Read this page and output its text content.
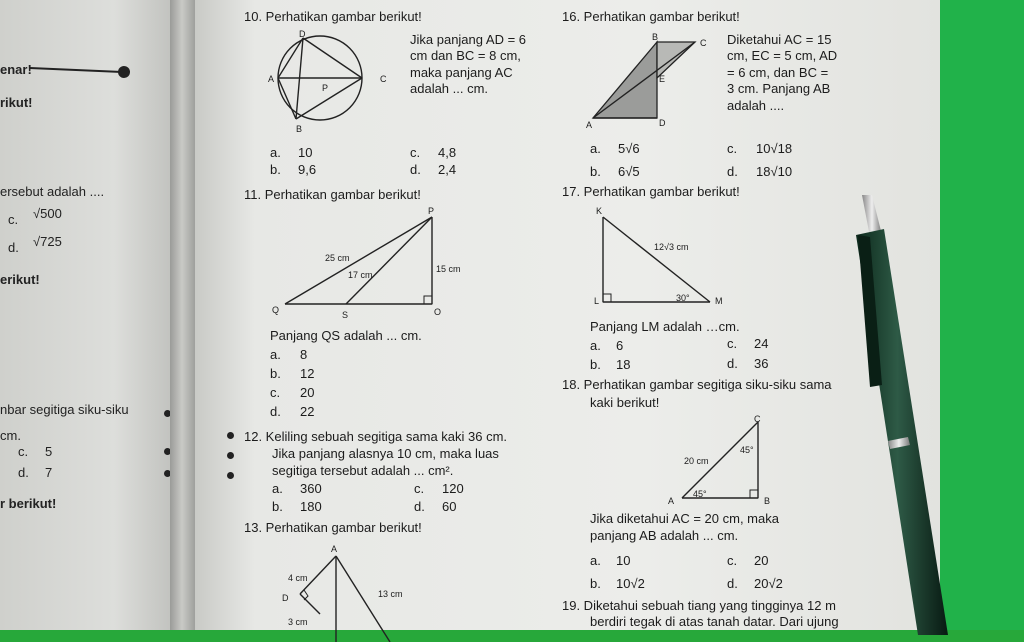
enar!
rikut!
ersebut adalah ....
c. √500
d. √725
erikut!
nbar segitiga siku-siku
cm.
c. 5
d. 7
r berikut!
10. Perhatikan gambar berikut!
D
A	C
B
P
Jika panjang AD = 6
cm dan BC = 8 cm,
maka panjang AC
adalah ... cm.
a. 10	c. 4,8
b. 9,6	d. 2,4
11. Perhatikan gambar berikut!
P
Q	S	O
25 cm
17 cm
15 cm
Panjang QS adalah ... cm.
a. 8
b. 12
c. 20
d. 22
12. Keliling sebuah segitiga sama kaki 36 cm.
Jika panjang alasnya 10 cm, maka luas
segitiga tersebut adalah ... cm².
a. 360	c. 120
b. 180	d. 60
13. Perhatikan gambar berikut!
A
D
4 cm
13 cm
3 cm
16. Perhatikan gambar berikut!
B
C
E
A	D
Diketahui AC = 15
cm, EC = 5 cm, AD
= 6 cm, dan BC =
3 cm. Panjang AB
adalah ....
a. 5√6	c. 10√18
b. 6√5	d. 18√10
17. Perhatikan gambar berikut!
K
L	M
12√3 cm
30°
Panjang LM adalah …cm.
a. 6	c. 24
b. 18	d. 36
18. Perhatikan gambar segitiga siku-siku sama
kaki berikut!
C
A	B
20 cm
45°
45°
Jika diketahui AC = 20 cm, maka
panjang AB adalah ... cm.
a. 10	c. 20
b. 10√2	d. 20√2
19. Diketahui sebuah tiang yang tingginya 12 m
berdiri tegak di atas tanah datar. Dari ujung
